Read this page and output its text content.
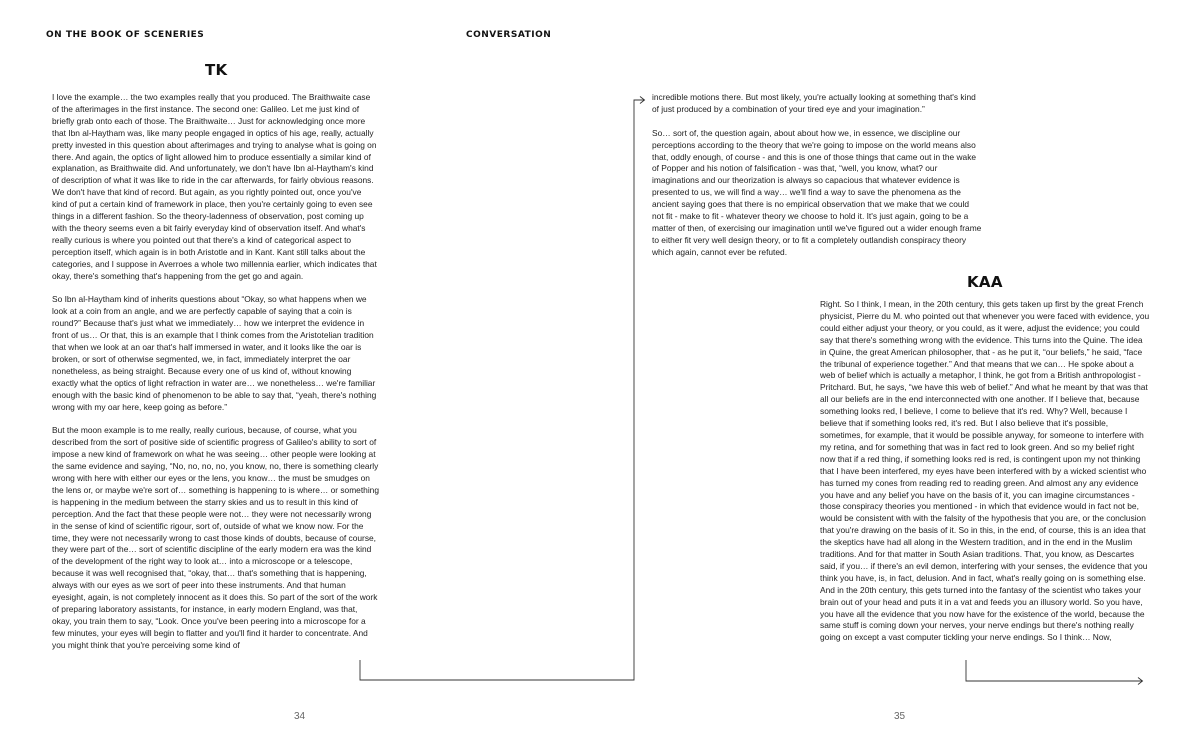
ON THE BOOK OF SCENERIES	CONVERSATION
TK

I love the example… the two examples really that you produced. The Braithwaite case of the afterimages in the first instance. The second one: Galileo. Let me just kind of briefly grab onto each of those. The Braithwaite… Just for acknowledging once more that Ibn al-Haytham was, like many people engaged in optics of his age, really, actually pretty invested in this question about afterimages and trying to analyse what is going on there. And again, the optics of light allowed him to produce essentially a similar kind of explanation, as Braithwaite did. And unfortunately, we don't have Ibn al-Haytham's kind of description of what it was like to ride in the car afterwards, for fairly obvious reasons. We don't have that kind of record. But again, as you rightly pointed out, once you've kind of put a certain kind of framework in place, then you're certainly going to even see things in a different fashion. So the theory-ladenness of observation, post coming up with the theory seems even a bit fairly everyday kind of observation itself. And what's really curious is where you pointed out that there's a kind of categorical aspect to perception itself, which again is in both Aristotle and in Kant. Kant still talks about the categories, and I suppose in Averroes a whole two millennia earlier, which indicates that okay, there's something that's happening from the get go and again.

So Ibn al-Haytham kind of inherits questions about “Okay, so what happens when we look at a coin from an angle, and we are perfectly capable of saying that a coin is round?” Because that's just what we immediately… how we interpret the evidence in front of us… Or that, this is an example that I think comes from the Aristotelian tradition that when we look at an oar that's half immersed in water, and it looks like the oar is broken, or sort of otherwise segmented, we, in fact, immediately interpret the oar nonetheless, as being straight. Because every one of us kind of, without knowing exactly what the optics of light refraction in water are… we nonetheless… we're familiar enough with the basic kind of phenomenon to be able to say that, “yeah, there's nothing wrong with my oar here, keep going as before.”

But the moon example is to me really, really curious, because, of course, what you described from the sort of positive side of scientific progress of Galileo's ability to sort of impose a new kind of framework on what he was seeing… other people were looking at the same evidence and saying, “No, no, no, no, you know, no, there is something clearly wrong with here with either our eyes or the lens, you know… the must be smudges on the lens or, or maybe we're sort of… something is happening to is where… or something is happening in the medium between the starry skies and us to result in this kind of perception. And the fact that these people were not… they were not necessarily wrong in the sense of kind of scientific rigour, sort of, outside of what we know now. For the time, they were not necessarily wrong to cast those kinds of doubts, because of course, they were part of the… sort of scientific discipline of the early modern era was the kind of the development of the right way to look at… into a microscope or a telescope, because it was well recognised that, “okay, that… that's something that is happening, always with our eyes as we sort of peer into these instruments. And that human eyesight, again, is not completely innocent as it does this. So part of the sort of the work of preparing laboratory assistants, for instance, in early modern England, was that, okay, you train them to say, “Look. Once you've been peering into a microscope for a few minutes, your eyes will begin to flatter and you'll find it harder to concentrate. And you might think that you're perceiving some kind of

incredible motions there. But most likely, you're actually looking at something that's kind of just produced by a combination of your tired eye and your imagination.”

So… sort of, the question again, about about how we, in essence, we discipline our perceptions according to the theory that we're going to impose on the world means also that, oddly enough, of course - and this is one of those things that came out in the wake of Popper and his notion of falsification - was that, “well, you know, what? our imaginations and our theorization is always so capacious that whatever evidence is presented to us, we will find a way… we'll find a way to save the phenomena as the ancient saying goes that there is no empirical observation that we make that we could not fit - make to fit - whatever theory we choose to hold it. It's just again, going to be a matter of then, of exercising our imagination until we've figured out a wider enough frame to either fit very well design theory, or to fit a completely outlandish conspiracy theory which again, cannot ever be refuted.

KAA

Right. So I think, I mean, in the 20th century, this gets taken up first by the great French physicist, Pierre du M. who pointed out that whenever you were faced with evidence, you could either adjust your theory, or you could, as it were, adjust the evidence; you could say that there's something wrong with the evidence. This turns into the Quine. The idea in Quine, the great American philosopher, that - as he put it, “our beliefs,” he said, “face the tribunal of experience together.” And that means that we can… He spoke about a web of belief which is actually a metaphor, I think, he got from a British anthropologist - Pritchard. But, he says, “we have this web of belief.” And what he meant by that was that all our beliefs are in the end interconnected with one another. If I believe that, because something looks red, I believe, I come to believe that it's red. Why? Well, because I believe that if something looks red, it's red. But I also believe that it's possible, sometimes, for example, that it would be possible anyway, for someone to interfere with my retina, and for something that was in fact red to look green. And so my belief right now that if a red thing, if something looks red is red, is contingent upon my not thinking that I have been interfered, my eyes have been interfered with by a wicked scientist who has turned my cones from reading red to reading green. And almost any any evidence you have and any belief you have on the basis of it, you can imagine circumstances - those conspiracy theories you mentioned - in which that evidence would in fact not be, would be consistent with with the falsity of the hypothesis that you are, or the conclusion that you're drawing on the basis of it. So in this, in the end, of course, this is an idea that the skeptics have had all along in the Western tradition, and in the end in the Muslim traditions. And for that matter in South Asian traditions. That, you know, as Descartes said, if you… if there's an evil demon, interfering with your senses, the evidence that you think you have, is, in fact, delusion. And in fact, what's really going on is something else. And in the 20th century, this gets turned into the fantasy of the scientist who takes your brain out of your head and puts it in a vat and feeds you an illusory world. So you have, you have all the evidence that you now have for the existence of the world, because the same stuff is coming down your nerves, your nerve endings but there's nothing really going on except a vast computer tickling your nerve endings. So I think… Now,

34	35
